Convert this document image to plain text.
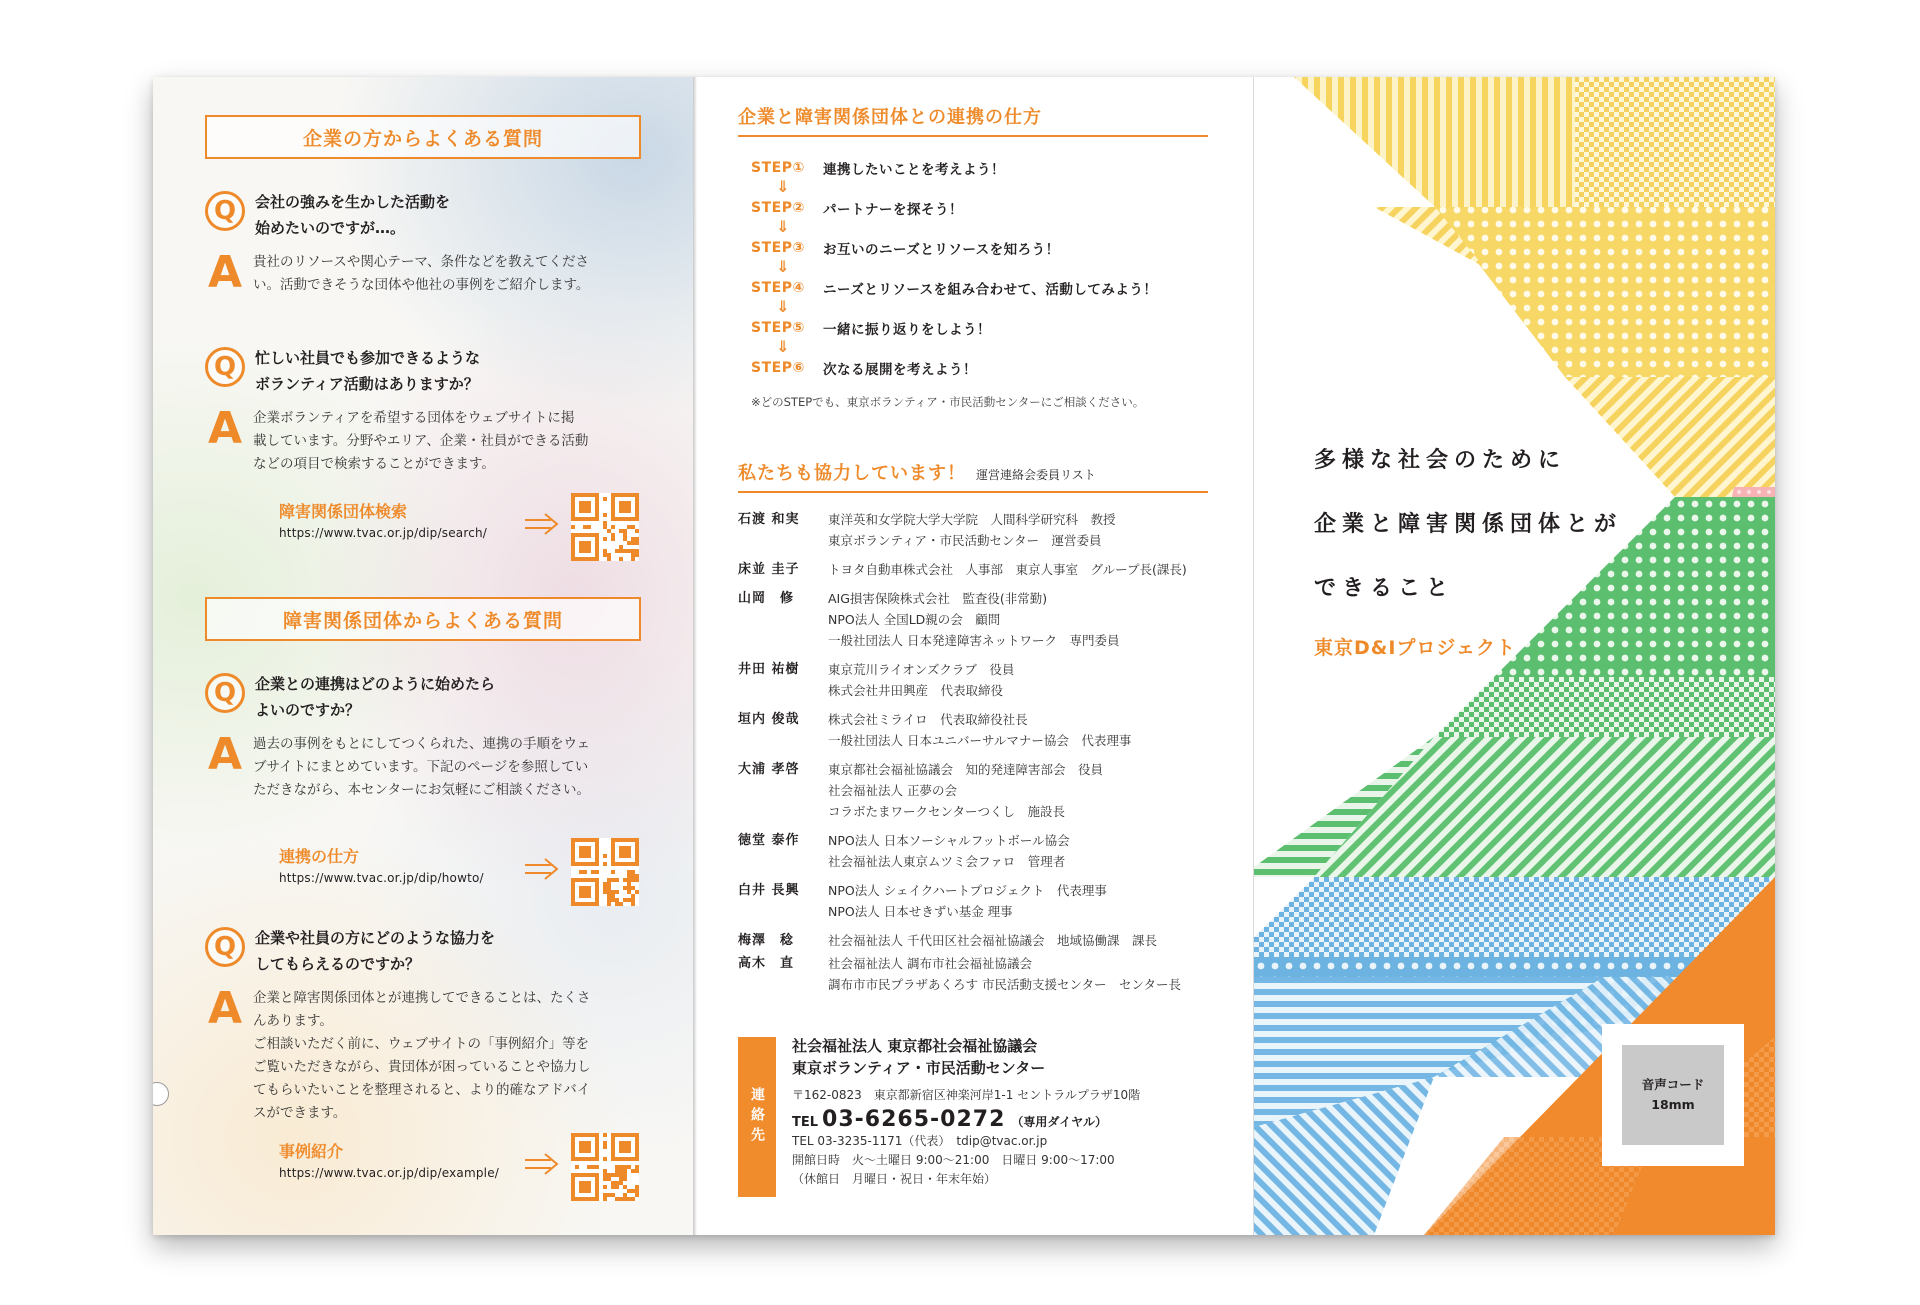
企業の方からよくある質問
Q	会社の強みを生かした活動を
始めたいのですが…。
A 貴社のリソースや関心テーマ、条件などを教えてくださ
い。活動できそうな団体や他社の事例をご紹介します。
Q	忙しい社員でも参加できるような
ボランティア活動はありますか？
A 企業ボランティアを希望する団体をウェブサイトに掲
載しています。分野やエリア、企業・社員ができる活動
などの項目で検索することができます。
障害関係団体検索
https://www.tvac.or.jp/dip/search/
障害関係団体からよくある質問
Q	企業との連携はどのように始めたら
よいのですか？
A 過去の事例をもとにしてつくられた、連携の手順をウェ
ブサイトにまとめています。下記のページを参照してい
ただきながら、本センターにお気軽にご相談ください。
連携の仕方
https://www.tvac.or.jp/dip/howto/
Q	企業や社員の方にどのような協力を
してもらえるのですか？
A 企業と障害関係団体とが連携してできることは、たくさ
んあります。
ご相談いただく前に、ウェブサイトの「事例紹介」等を
ご覧いただきながら、貴団体が困っていることや協力し
てもらいたいことを整理されると、より的確なアドバイ
スができます。
事例紹介
https://www.tvac.or.jp/dip/example/
企業と障害関係団体との連携の仕方
STEP①	連携したいことを考えよう！
⇓
STEP②	パートナーを探そう！
⇓
STEP③	お互いのニーズとリソースを知ろう！
⇓
STEP④	ニーズとリソースを組み合わせて、活動してみよう！
⇓
STEP⑤	一緒に振り返りをしよう！
⇓
STEP⑥	次なる展開を考えよう！
※どのSTEPでも、東京ボランティア・市民活動センターにご相談ください。
私たちも協力しています！ 運営連絡会委員リスト
石渡 和実	東洋英和女学院大学大学院　人間科学研究科　教授
東京ボランティア・市民活動センター　運営委員
床並 圭子	トヨタ自動車株式会社　人事部　東京人事室　グループ長(課長)
山岡　修	AIG損害保険株式会社　監査役(非常勤)
NPO法人 全国LD親の会　顧問
一般社団法人 日本発達障害ネットワーク　専門委員
井田 祐樹	東京荒川ライオンズクラブ　役員
株式会社井田興産　代表取締役
垣内 俊哉	株式会社ミライロ　代表取締役社長
一般社団法人 日本ユニバーサルマナー協会　代表理事
大浦 孝啓	東京都社会福祉協議会　知的発達障害部会　役員
社会福祉法人 正夢の会
コラボたまワークセンターつくし　施設長
徳堂 泰作	NPO法人 日本ソーシャルフットボール協会
社会福祉法人東京ムツミ会ファロ　管理者
白井 長興	NPO法人 シェイクハートプロジェクト　代表理事
NPO法人 日本せきずい基金 理事
梅澤　稔	社会福祉法人 千代田区社会福祉協議会　地域協働課　課長
高木　直	社会福祉法人 調布市社会福祉協議会
調布市市民プラザあくろす 市民活動支援センター　センター長
連絡先
社会福祉法人 東京都社会福祉協議会
東京ボランティア・市民活動センター
〒162-0823　東京都新宿区神楽河岸1-1 セントラルプラザ10階
TEL 03-6265-0272 （専用ダイヤル）
TEL 03-3235-1171（代表）　tdip@tvac.or.jp
開館日時　火～土曜日 9:00～21:00　日曜日 9:00～17:00
（休館日　月曜日・祝日・年末年始）
多様な社会のために
企業と障害関係団体とが
できること
東京D&Iプロジェクト
音声コード
18mm
